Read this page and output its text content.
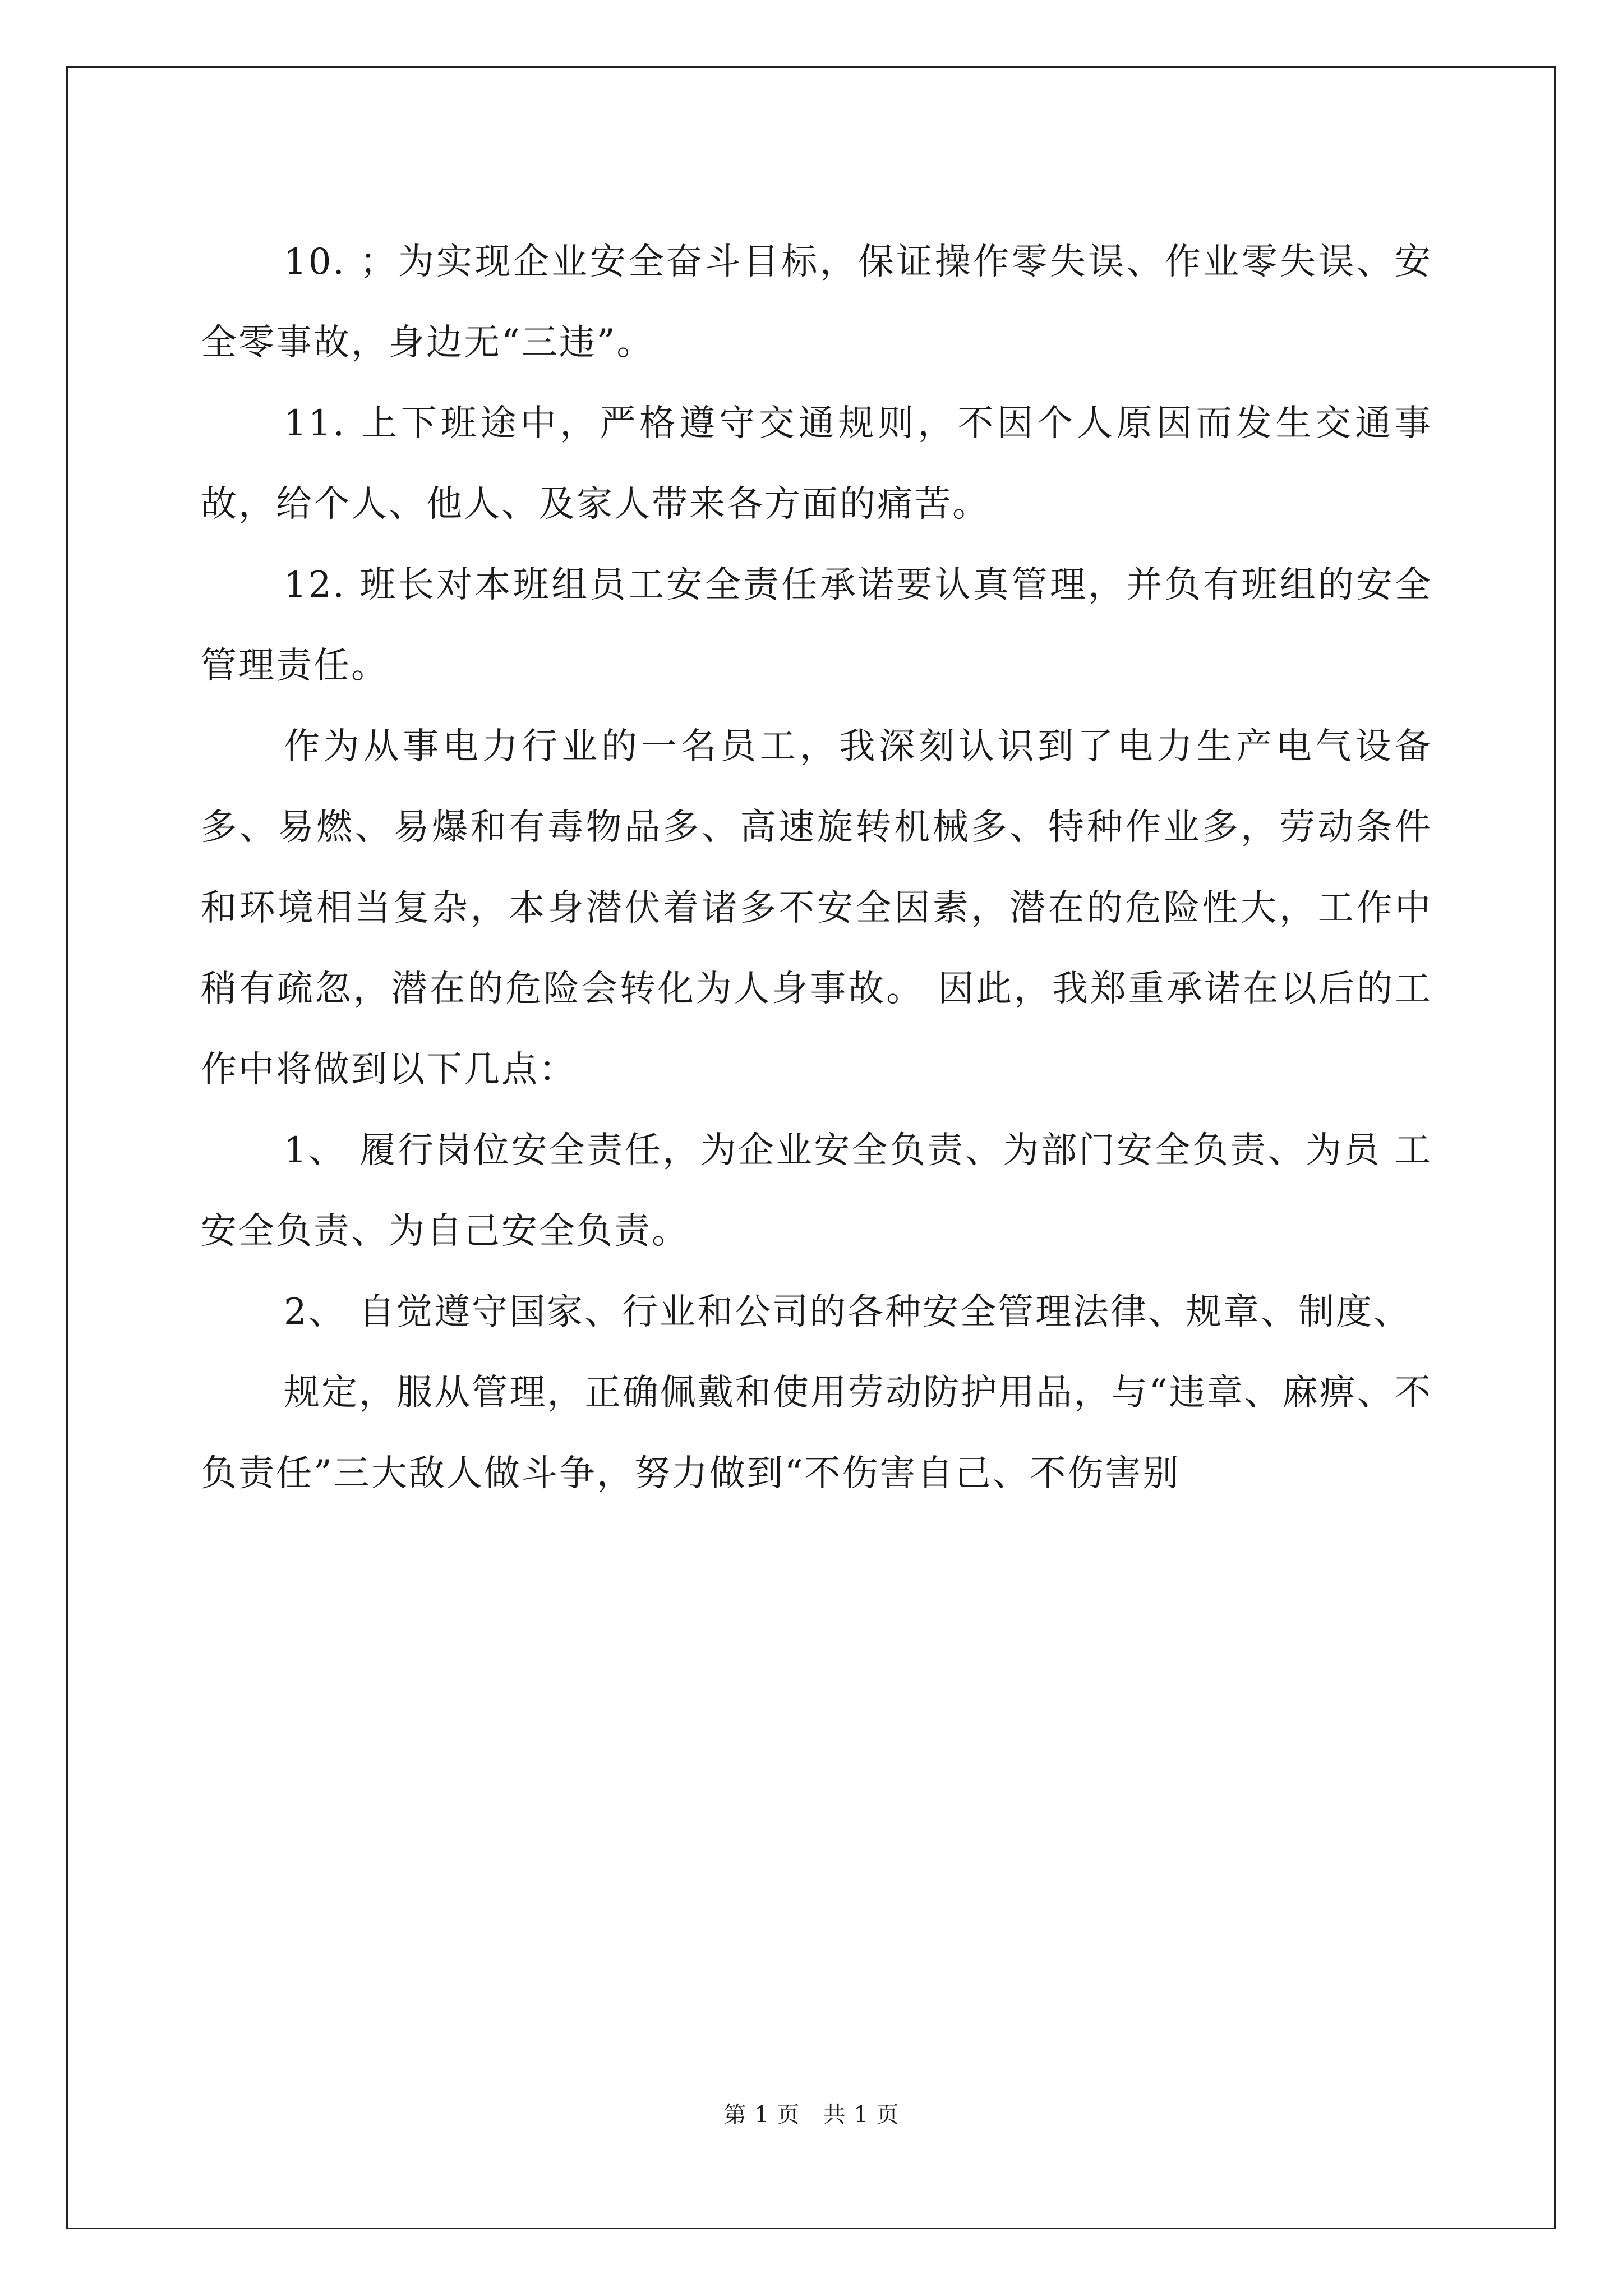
10. ；为实现企业安全奋斗目标，保证操作零失误、作业零失误、安全零事故，身边无“三违”。

11. 上下班途中，严格遵守交通规则，不因个人原因而发生交通事故，给个人、他人、及家人带来各方面的痛苦。

12. 班长对本班组员工安全责任承诺要认真管理，并负有班组的安全管理责任。

作为从事电力行业的一名员工，我深刻认识到了电力生产电气设备多、易燃、易爆和有毒物品多、高速旋转机械多、特种作业多，劳动条件和环境相当复杂，本身潜伏着诸多不安全因素，潜在的危险性大，工作中稍有疏忽，潜在的危险会转化为人身事故。 因此，我郑重承诺在以后的工作中将做到以下几点：

1、 履行岗位安全责任，为企业安全负责、为部门安全负责、为员 工安全负责、为自己安全负责。

2、 自觉遵守国家、行业和公司的各种安全管理法律、规章、制度、

规定，服从管理，正确佩戴和使用劳动防护用品，与“违章、麻痹、不负责任”三大敌人做斗争，努力做到“不伤害自己、不伤害别

第 1 页 共 1 页
